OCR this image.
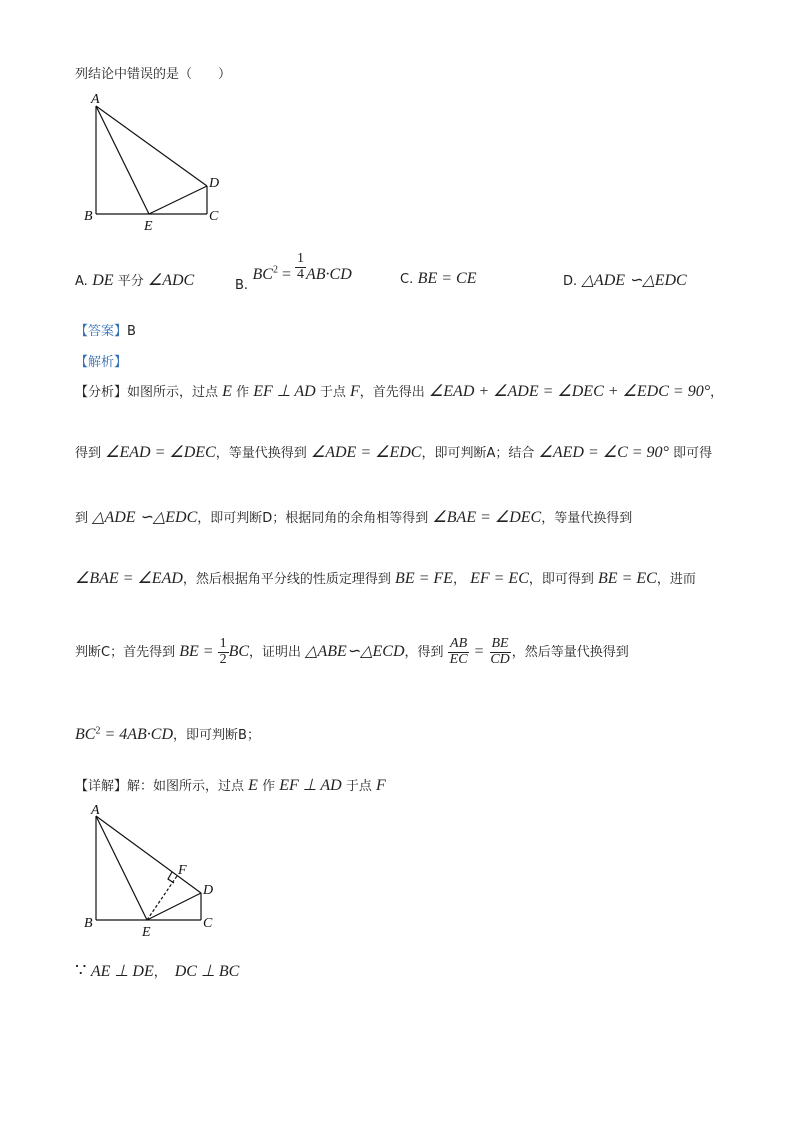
列结论中错误的是（　　）
A
B	C
D
E
A. DE 平分 ∠ADC	B. $BC^2 = \frac{1}{4} AB\cdot CD$	C. BE = CE	D. △ADE ∽△EDC
【答案】B
【解析】
【分析】如图所示，过点 E 作 EF ⊥ AD 于点 F，首先得出 ∠EAD + ∠ADE = ∠DEC + ∠EDC = 90°，
得到 ∠EAD = ∠DEC，等量代换得到 ∠ADE = ∠EDC，即可判断A；结合 ∠AED = ∠C = 90° 即可得
到 △ADE ∽△EDC，即可判断D；根据同角的余角相等得到 ∠BAE = ∠DEC，等量代换得到
∠BAE = ∠EAD，然后根据角平分线的性质定理得到 BE = FE， EF = EC，即可得到 BE = EC，进而
判断C；首先得到 BE = $\frac{1}{2}$ BC，证明出 △ABE∽△ECD，得到 $\frac{AB}{EC} = \frac{BE}{CD}$ ，然后等量代换得到
$BC^2 = 4AB\cdot CD$，即可判断B；
【详解】解：如图所示，过点 E 作 EF ⊥ AD 于点 F
A
B	C
D
E
F
∵ AE ⊥ DE， DC ⊥ BC
